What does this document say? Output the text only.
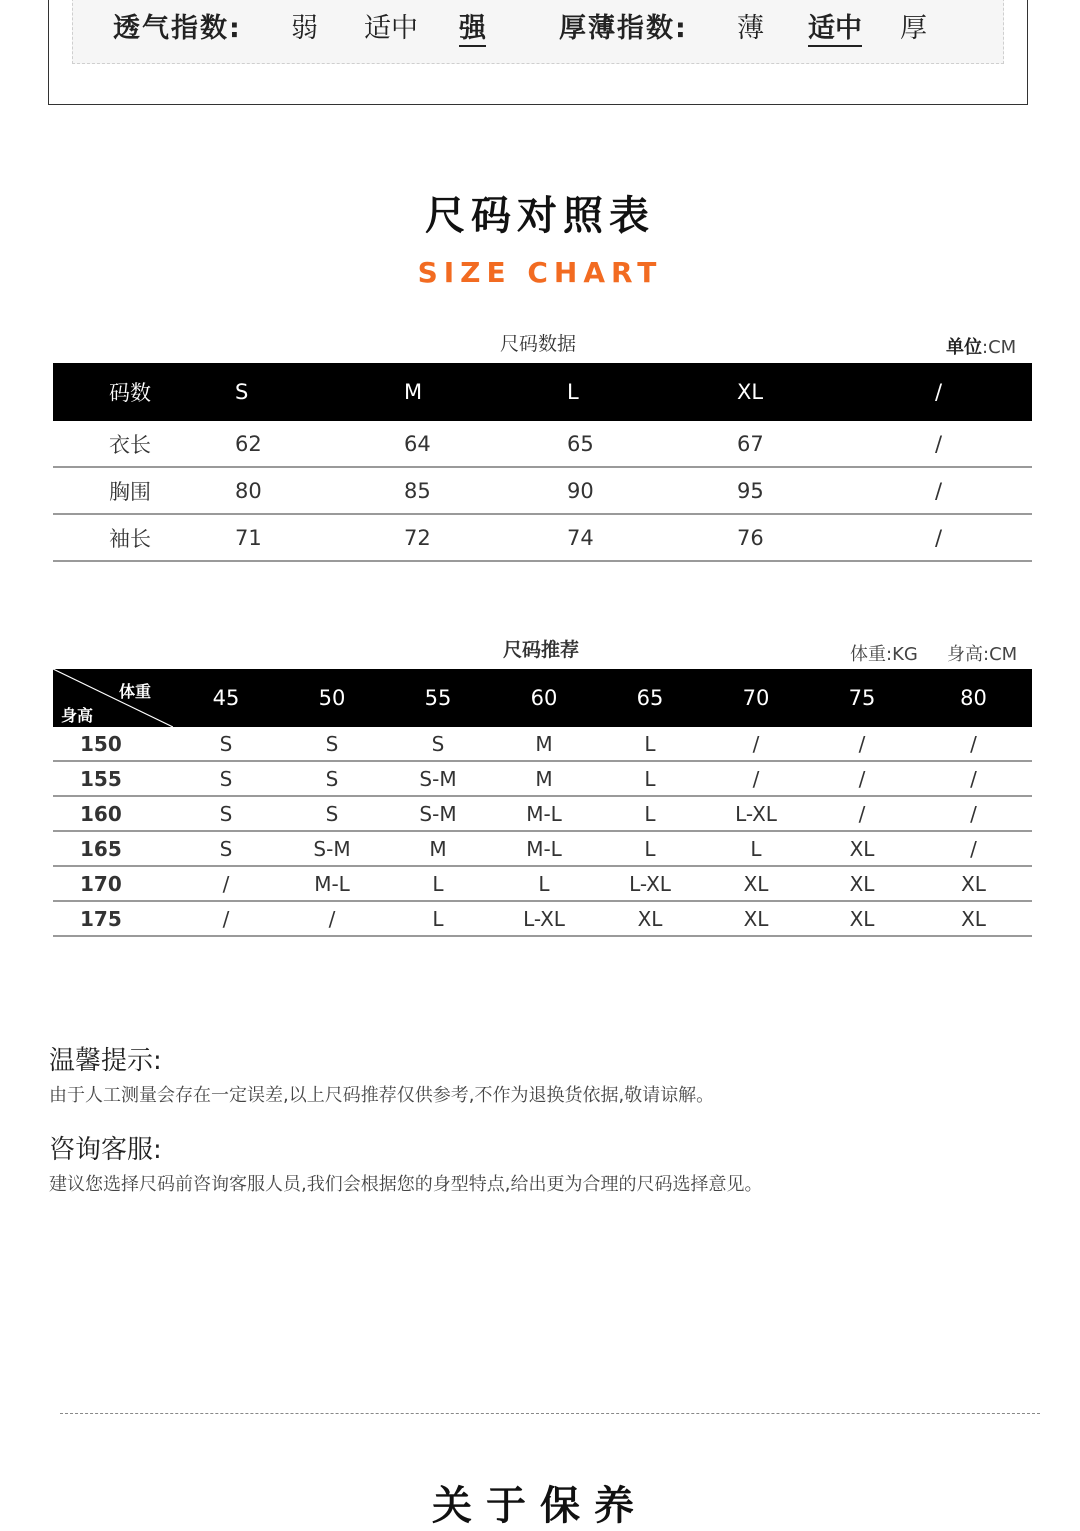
透气指数: 弱 适中 强	厚薄指数: 薄 适中 厚
尺码对照表
SIZE CHART
尺码数据	单位:CM
码数	S	M	L	XL	/
衣长	62	64	65	67	/
胸围	80	85	90	95	/
袖长	71	72	74	76	/
尺码推荐	体重:KG 身高:CM
体重
身高	45	50	55	60	65	70	75	80
150	S	S	S	M	L	/	/	/
155	S	S	S-M	M	L	/	/	/
160	S	S	S-M	M-L	L	L-XL	/	/
165	S	S-M	M	M-L	L	L	XL	/
170	/	M-L	L	L	L-XL	XL	XL	XL
175	/	/	L	L-XL	XL	XL	XL	XL
温馨提示:
由于人工测量会存在一定误差,以上尺码推荐仅供参考,不作为退换货依据,敬请谅解。
咨询客服:
建议您选择尺码前咨询客服人员,我们会根据您的身型特点,给出更为合理的尺码选择意见。
关于保养
